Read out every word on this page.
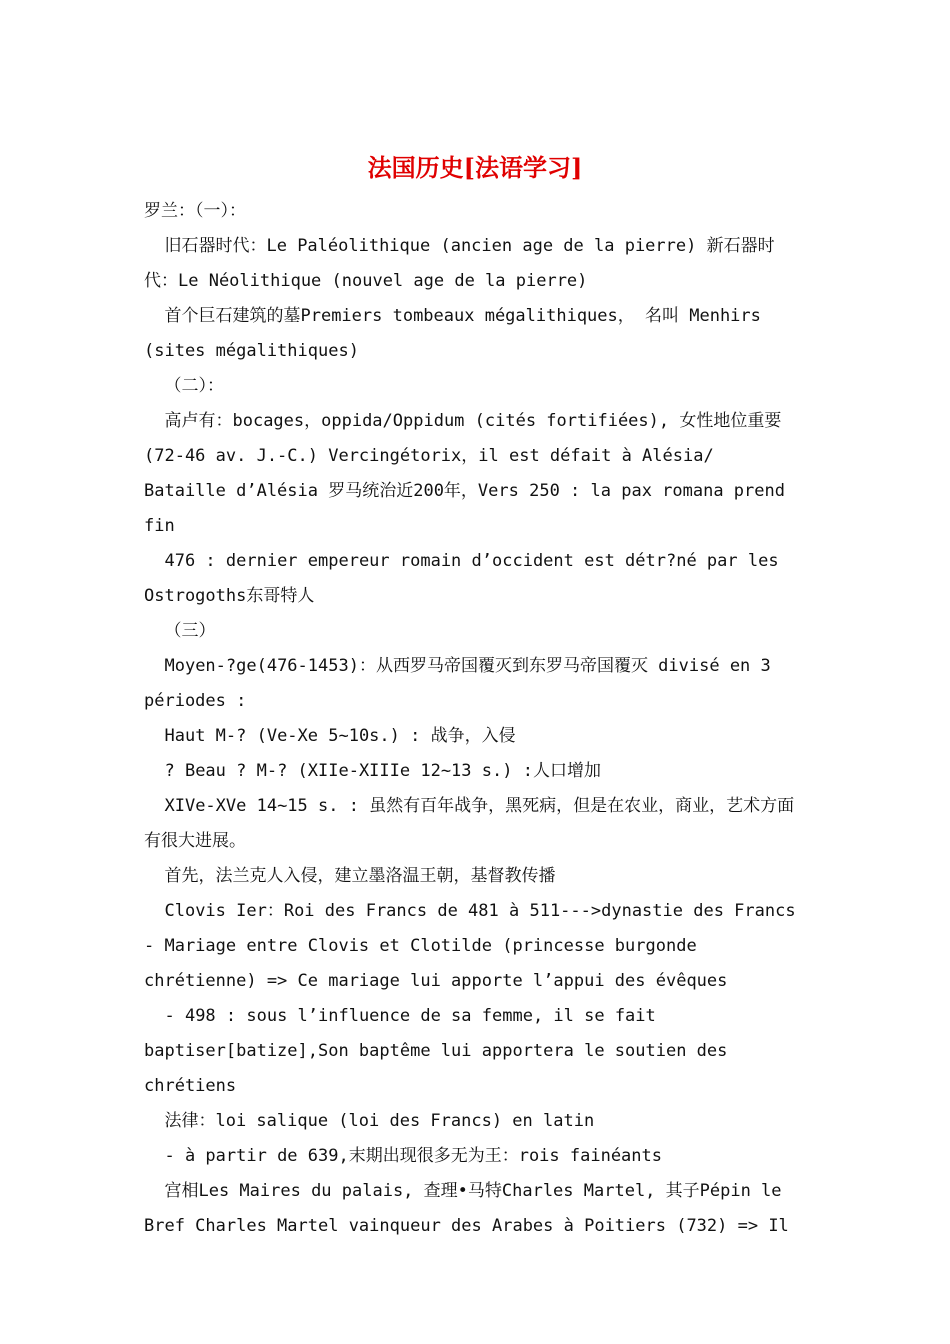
法国历史[法语学习]

罗兰：（一）：

旧石器时代：Le Paléolithique (ancien age de la pierre) 新石器时代：Le Néolithique (nouvel age de la pierre)

首个巨石建筑的墓Premiers tombeaux mégalithiques， 名叫 Menhirs (sites mégalithiques)

（二）：

高卢有：bocages，oppida/Oppidum (cités fortifiées), 女性地位重要(72-46 av. J.-C.) Vercingétorix，il est défait à Alésia/ Bataille d’Alésia 罗马统治近200年，Vers 250 : la pax romana prend fin

476 : dernier empereur romain d’occident est détr?né par les Ostrogoths东哥特人

（三）

Moyen-?ge(476-1453)：从西罗马帝国覆灭到东罗马帝国覆灭 divisé en 3 périodes :

Haut M-? (Ve-Xe 5~10s.) : 战争，入侵

? Beau ? M-? (XIIe-XIIIe 12~13 s.) :人口增加

XIVe-XVe 14~15 s. : 虽然有百年战争，黑死病，但是在农业，商业，艺术方面有很大进展。

首先，法兰克人入侵，建立墨洛温王朝，基督教传播

Clovis Ier：Roi des Francs de 481 à 511--->dynastie des Francs - Mariage entre Clovis et Clotilde (princesse burgonde chrétienne) => Ce mariage lui apporte l’appui des évêques

- 498 : sous l’influence de sa femme, il se fait baptiser[batize],Son baptême lui apportera le soutien des chrétiens

法律：loi salique (loi des Francs) en latin

- à partir de 639,末期出现很多无为王：rois fainéants

宫相Les Maires du palais, 查理•马特Charles Martel, 其子Pépin le Bref Charles Martel vainqueur des Arabes à Poitiers (732) => Il
